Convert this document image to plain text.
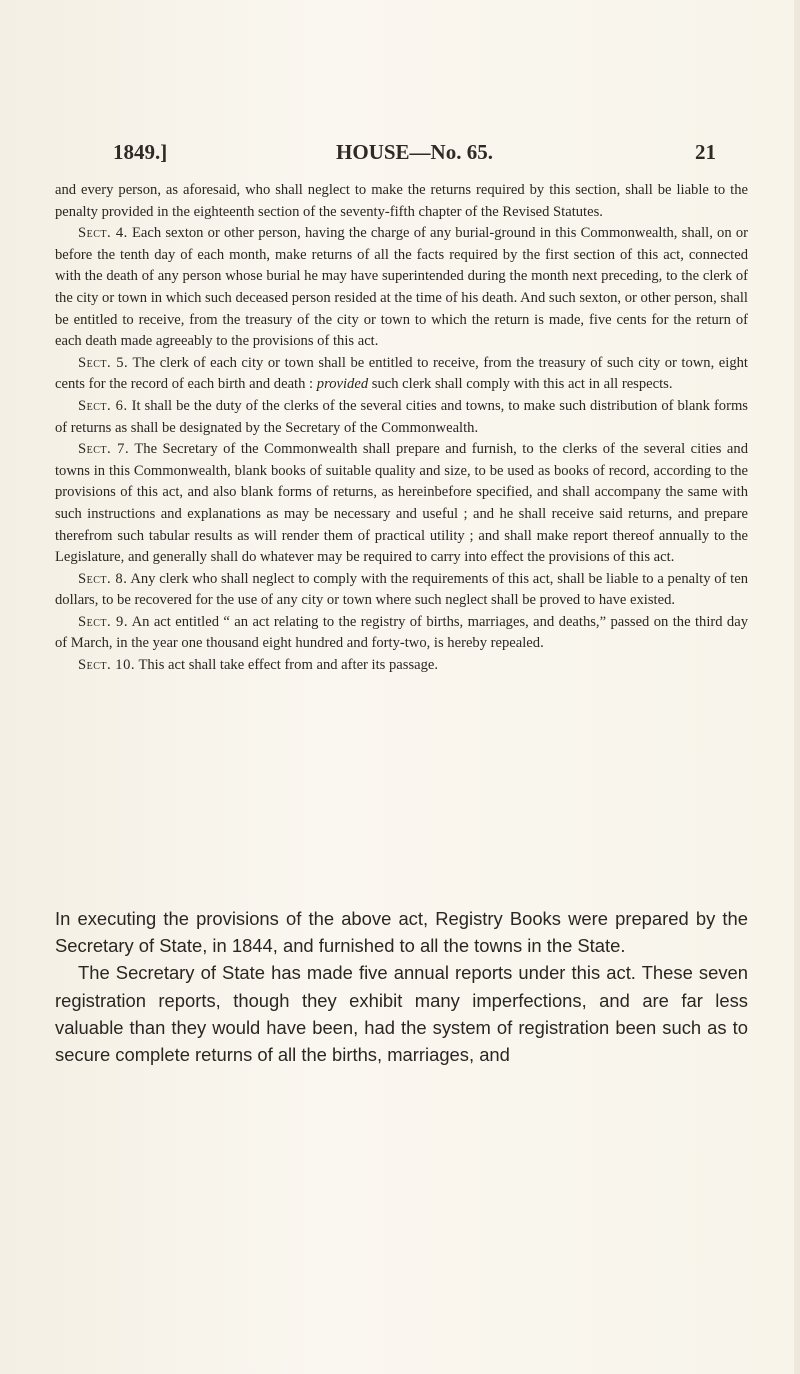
1849.]	HOUSE—No. 65.	21

and every person, as aforesaid, who shall neglect to make the returns required by this section, shall be liable to the penalty provided in the eighteenth section of the seventy-fifth chapter of the Revised Statutes.

Sect. 4. Each sexton or other person, having the charge of any burial-ground in this Commonwealth, shall, on or before the tenth day of each month, make returns of all the facts required by the first section of this act, connected with the death of any person whose burial he may have superintended during the month next preceding, to the clerk of the city or town in which such deceased person resided at the time of his death. And such sexton, or other person, shall be entitled to receive, from the treasury of the city or town to which the return is made, five cents for the return of each death made agreeably to the provisions of this act.

Sect. 5. The clerk of each city or town shall be entitled to receive, from the treasury of such city or town, eight cents for the record of each birth and death : provided such clerk shall comply with this act in all respects.

Sect. 6. It shall be the duty of the clerks of the several cities and towns, to make such distribution of blank forms of returns as shall be designated by the Secretary of the Commonwealth.

Sect. 7. The Secretary of the Commonwealth shall prepare and furnish, to the clerks of the several cities and towns in this Commonwealth, blank books of suitable quality and size, to be used as books of record, according to the provisions of this act, and also blank forms of returns, as hereinbefore specified, and shall accompany the same with such instructions and explanations as may be necessary and useful ; and he shall receive said returns, and prepare therefrom such tabular results as will render them of practical utility ; and shall make report thereof annually to the Legislature, and generally shall do whatever may be required to carry into effect the provisions of this act.

Sect. 8. Any clerk who shall neglect to comply with the requirements of this act, shall be liable to a penalty of ten dollars, to be recovered for the use of any city or town where such neglect shall be proved to have existed.

Sect. 9. An act entitled “ an act relating to the registry of births, marriages, and deaths,” passed on the third day of March, in the year one thousand eight hundred and forty-two, is hereby repealed.

Sect. 10. This act shall take effect from and after its passage.

In executing the provisions of the above act, Registry Books were prepared by the Secretary of State, in 1844, and furnished to all the towns in the State.

The Secretary of State has made five annual reports under this act. These seven registration reports, though they exhibit many imperfections, and are far less valuable than they would have been, had the system of registration been such as to secure complete returns of all the births, marriages, and
